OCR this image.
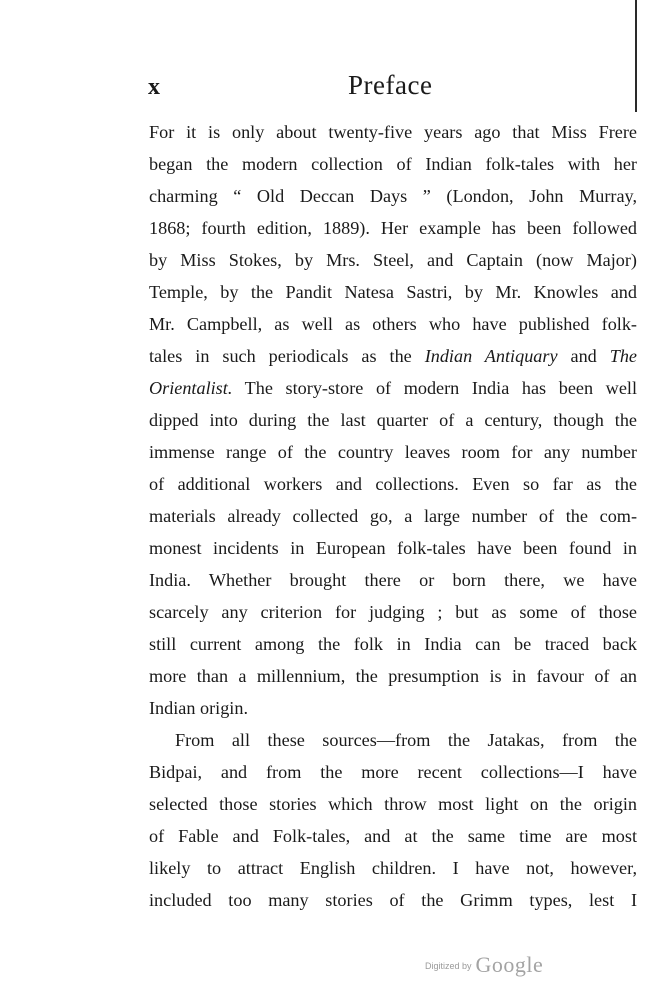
x	Preface
For it is only about twenty-five years ago that Miss Frere
began the modern collection of Indian folk-tales with her
charming “ Old Deccan Days ” (London, John Murray,
1868; fourth edition, 1889). Her example has been followed
by Miss Stokes, by Mrs. Steel, and Captain (now Major)
Temple, by the Pandit Natesa Sastri, by Mr. Knowles and
Mr. Campbell, as well as others who have published folk-
tales in such periodicals as the Indian Antiquary and The
Orientalist. The story-store of modern India has been well
dipped into during the last quarter of a century, though the
immense range of the country leaves room for any number
of additional workers and collections. Even so far as the
materials already collected go, a large number of the com-
monest incidents in European folk-tales have been found in
India. Whether brought there or born there, we have
scarcely any criterion for judging ; but as some of those
still current among the folk in India can be traced back
more than a millennium, the presumption is in favour of an
Indian origin.
From all these sources—from the Jatakas, from the
Bidpai, and from the more recent collections—I have
selected those stories which throw most light on the origin
of Fable and Folk-tales, and at the same time are most
likely to attract English children. I have not, however,
included too many stories of the Grimm types, lest I
Digitized by Google
